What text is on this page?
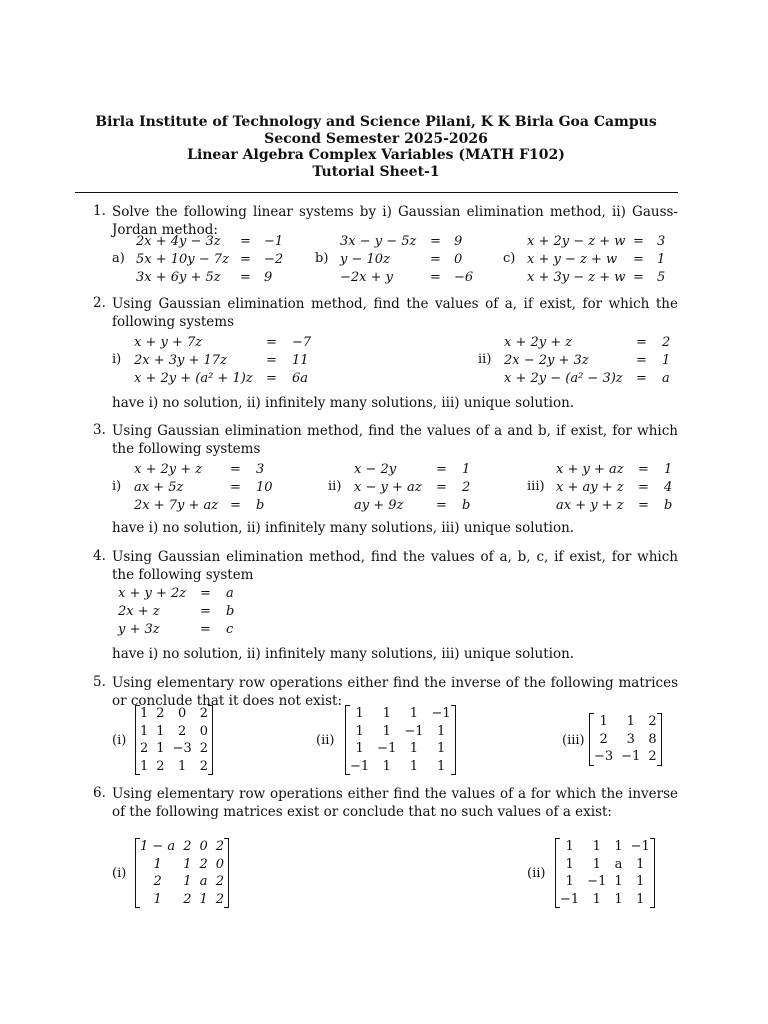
Birla Institute of Technology and Science Pilani, K K Birla Goa Campus
Second Semester 2025-2026
Linear Algebra Complex Variables (MATH F102)
Tutorial Sheet-1
1. Solve the following linear systems by i) Gaussian elimination method, ii) Gauss- Jordan method:
a)	b)	c)
2x + 4y − 3z = −1
5x + 10y − 7z = −2
3x + 6y + 5z = 9
3x − y − 5z = 9
y − 10z	= 0
−2x + y	= −6
x + 2y − z + w = 3
x + y − z + w = 1
x + 3y − z + w = 5
2. Using Gaussian elimination method, find the values of a, if exist, for which the following systems
i)	ii)
x + y + 7z	= −7
2x + 3y + 17z	= 11
x + 2y + (a² + 1)z = 6a
x + 2y + z	= 2
2x − 2y + 3z	= 1
x + 2y − (a² − 3)z = a
have i) no solution, ii) infinitely many solutions, iii) unique solution.
3. Using Gaussian elimination method, find the values of a and b, if exist, for which the following systems
i)	ii)	iii)
x + 2y + z = 3
ax + 5z	= 10
2x + 7y + az = b
x − 2y	= 1
x − y + az = 2
ay + 9z	= b
x + y + az = 1
x + ay + z = 4
ax + y + z = b
have i) no solution, ii) infinitely many solutions, iii) unique solution.
4. Using Gaussian elimination method, find the values of a, b, c, if exist, for which the following system
x + y + 2z = a
2x + z	= b
y + 3z	= c
have i) no solution, ii) infinitely many solutions, iii) unique solution.
5. Using elementary row operations either find the inverse of the following matrices or conclude that it does not exist:
(i)	(ii)	(iii)
1	2	0	2
1	1	2	0
2	1	−3	2
1	2	1	2
1	1	1	−1
1	1	−1	1
1	−1	1	1
−1	1	1	1
1	1	2
2	3	8
−3	−1	2
6. Using elementary row operations either find the values of a for which the inverse of the following matrices exist or conclude that no such values of a exist:
(i)	(ii)
1 − a	2	0	2
1	1	2	0
2	1	a	2
1	2	1	2
1	1	1	−1
1	1	a	1
1	−1	1	1
−1	1	1	1
